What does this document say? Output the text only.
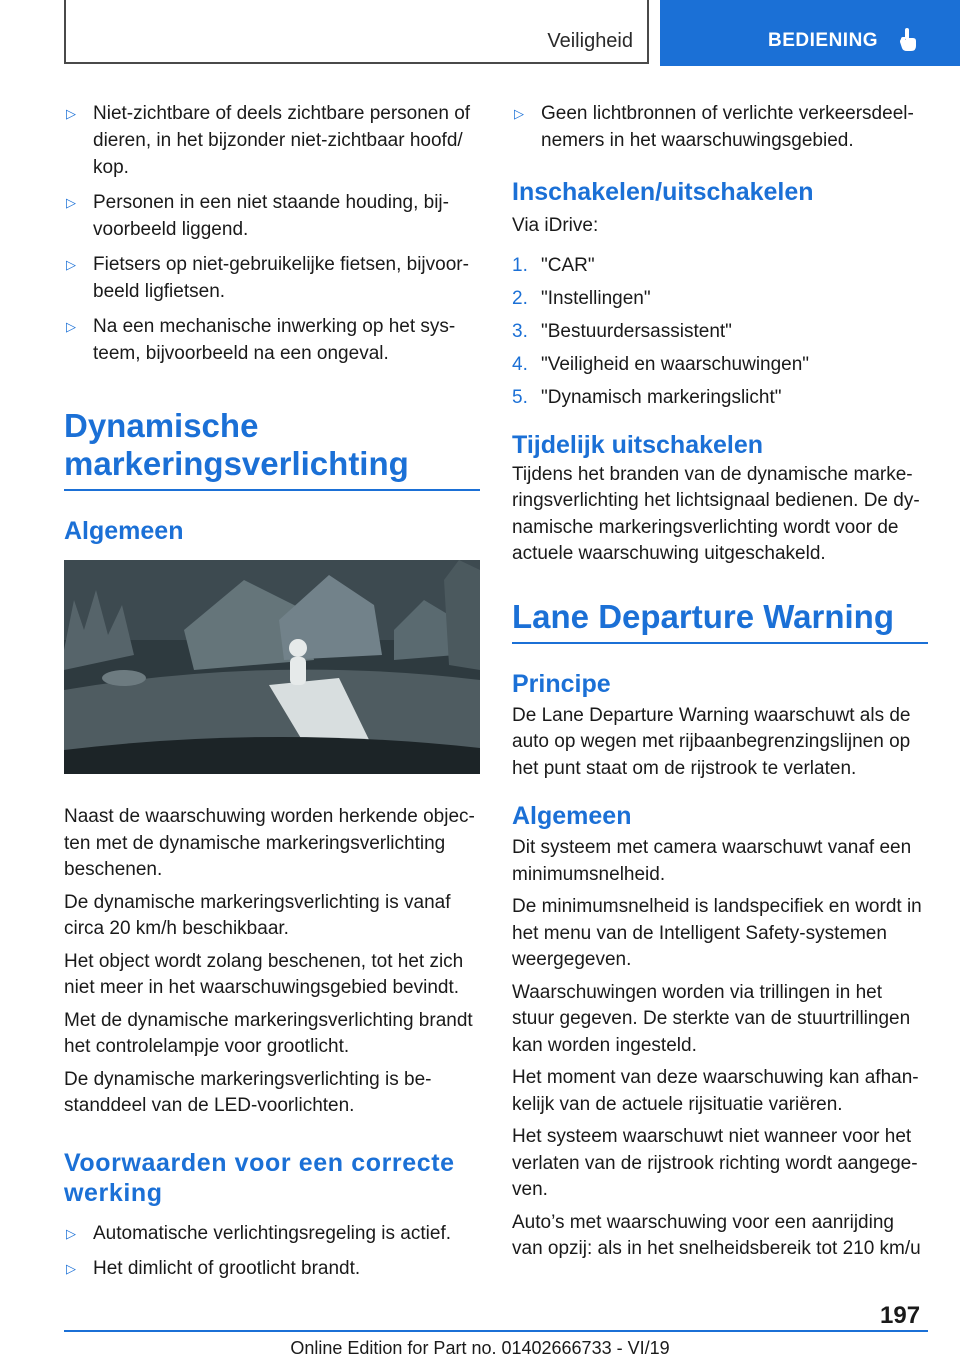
Veiligheid	BEDIENING
▷ Niet-zichtbare of deels zichtbare personen of dieren, in het bijzonder niet-zichtbaar hoofd/ kop.
▷ Personen in een niet staande houding, bij- voorbeeld liggend.
▷ Fietsers op niet-gebruikelijke fietsen, bijvoor- beeld ligfietsen.
▷ Na een mechanische inwerking op het sys- teem, bijvoorbeeld na een ongeval.
Dynamische markeringsverlichting
Algemeen
Naast de waarschuwing worden herkende objec- ten met de dynamische markeringsverlichting beschenen.
De dynamische markeringsverlichting is vanaf circa 20 km/h beschikbaar.
Het object wordt zolang beschenen, tot het zich niet meer in het waarschuwingsgebied bevindt.
Met de dynamische markeringsverlichting brandt het controlelampje voor grootlicht.
De dynamische markeringsverlichting is be- standdeel van de LED-voorlichten.
Voorwaarden voor een correcte werking
▷ Automatische verlichtingsregeling is actief.
▷ Het dimlicht of grootlicht brandt.
▷ Geen lichtbronnen of verlichte verkeersdeel- nemers in het waarschuwingsgebied.
Inschakelen/uitschakelen
Via iDrive:
1. "CAR"
2. "Instellingen"
3. "Bestuurdersassistent"
4. "Veiligheid en waarschuwingen"
5. "Dynamisch markeringslicht"
Tijdelijk uitschakelen
Tijdens het branden van de dynamische marke- ringsverlichting het lichtsignaal bedienen. De dy- namische markeringsverlichting wordt voor de actuele waarschuwing uitgeschakeld.
Lane Departure Warning
Principe
De Lane Departure Warning waarschuwt als de auto op wegen met rijbaanbegrenzingslijnen op het punt staat om de rijstrook te verlaten.
Algemeen
Dit systeem met camera waarschuwt vanaf een minimumsnelheid.
De minimumsnelheid is landspecifiek en wordt in het menu van de Intelligent Safety-systemen weergegeven.
Waarschuwingen worden via trillingen in het stuur gegeven. De sterkte van de stuurtrillingen kan worden ingesteld.
Het moment van deze waarschuwing kan afhan- kelijk van de actuele rijsituatie variëren.
Het systeem waarschuwt niet wanneer voor het verlaten van de rijstrook richting wordt aangege- ven.
Auto’s met waarschuwing voor een aanrijding van opzij: als in het snelheidsbereik tot 210 km/u
197
Online Edition for Part no. 01402666733 - VI/19
